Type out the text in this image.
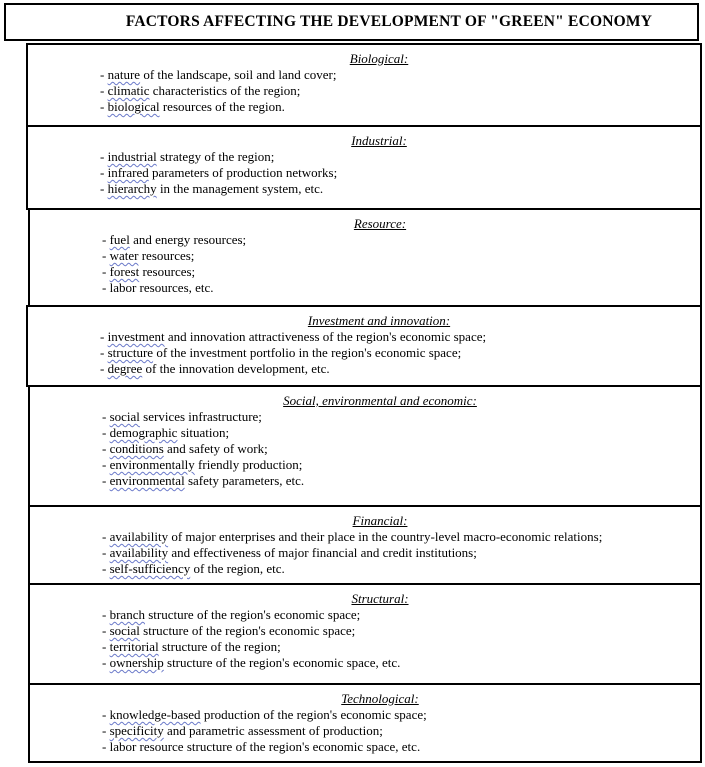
FACTORS AFFECTING THE DEVELOPMENT OF "GREEN" ECONOMY
Biological:
- nature of the landscape, soil and land cover;
- climatic characteristics of the region;
- biological resources of the region.
Industrial:
- industrial strategy of the region;
- infrared parameters of production networks;
- hierarchy in the management system, etc.
Resource:
- fuel and energy resources;
- water resources;
- forest resources;
- labor resources, etc.
Investment and innovation:
- investment and innovation attractiveness of the region's economic space;
- structure of the investment portfolio in the region's economic space;
- degree of the innovation development, etc.
Social, environmental and economic:
- social services infrastructure;
- demographic situation;
- conditions and safety of work;
- environmentally friendly production;
- environmental safety parameters, etc.
Financial:
- availability of major enterprises and their place in the country-level macro-economic relations;
- availability and effectiveness of major financial and credit institutions;
- self-sufficiency of the region, etc.
Structural:
- branch structure of the region's economic space;
- social structure of the region's economic space;
- territorial structure of the region;
- ownership structure of the region's economic space, etc.
Technological:
- knowledge-based production of the region's economic space;
- specificity and parametric assessment of production;
- labor resource structure of the region's economic space, etc.
